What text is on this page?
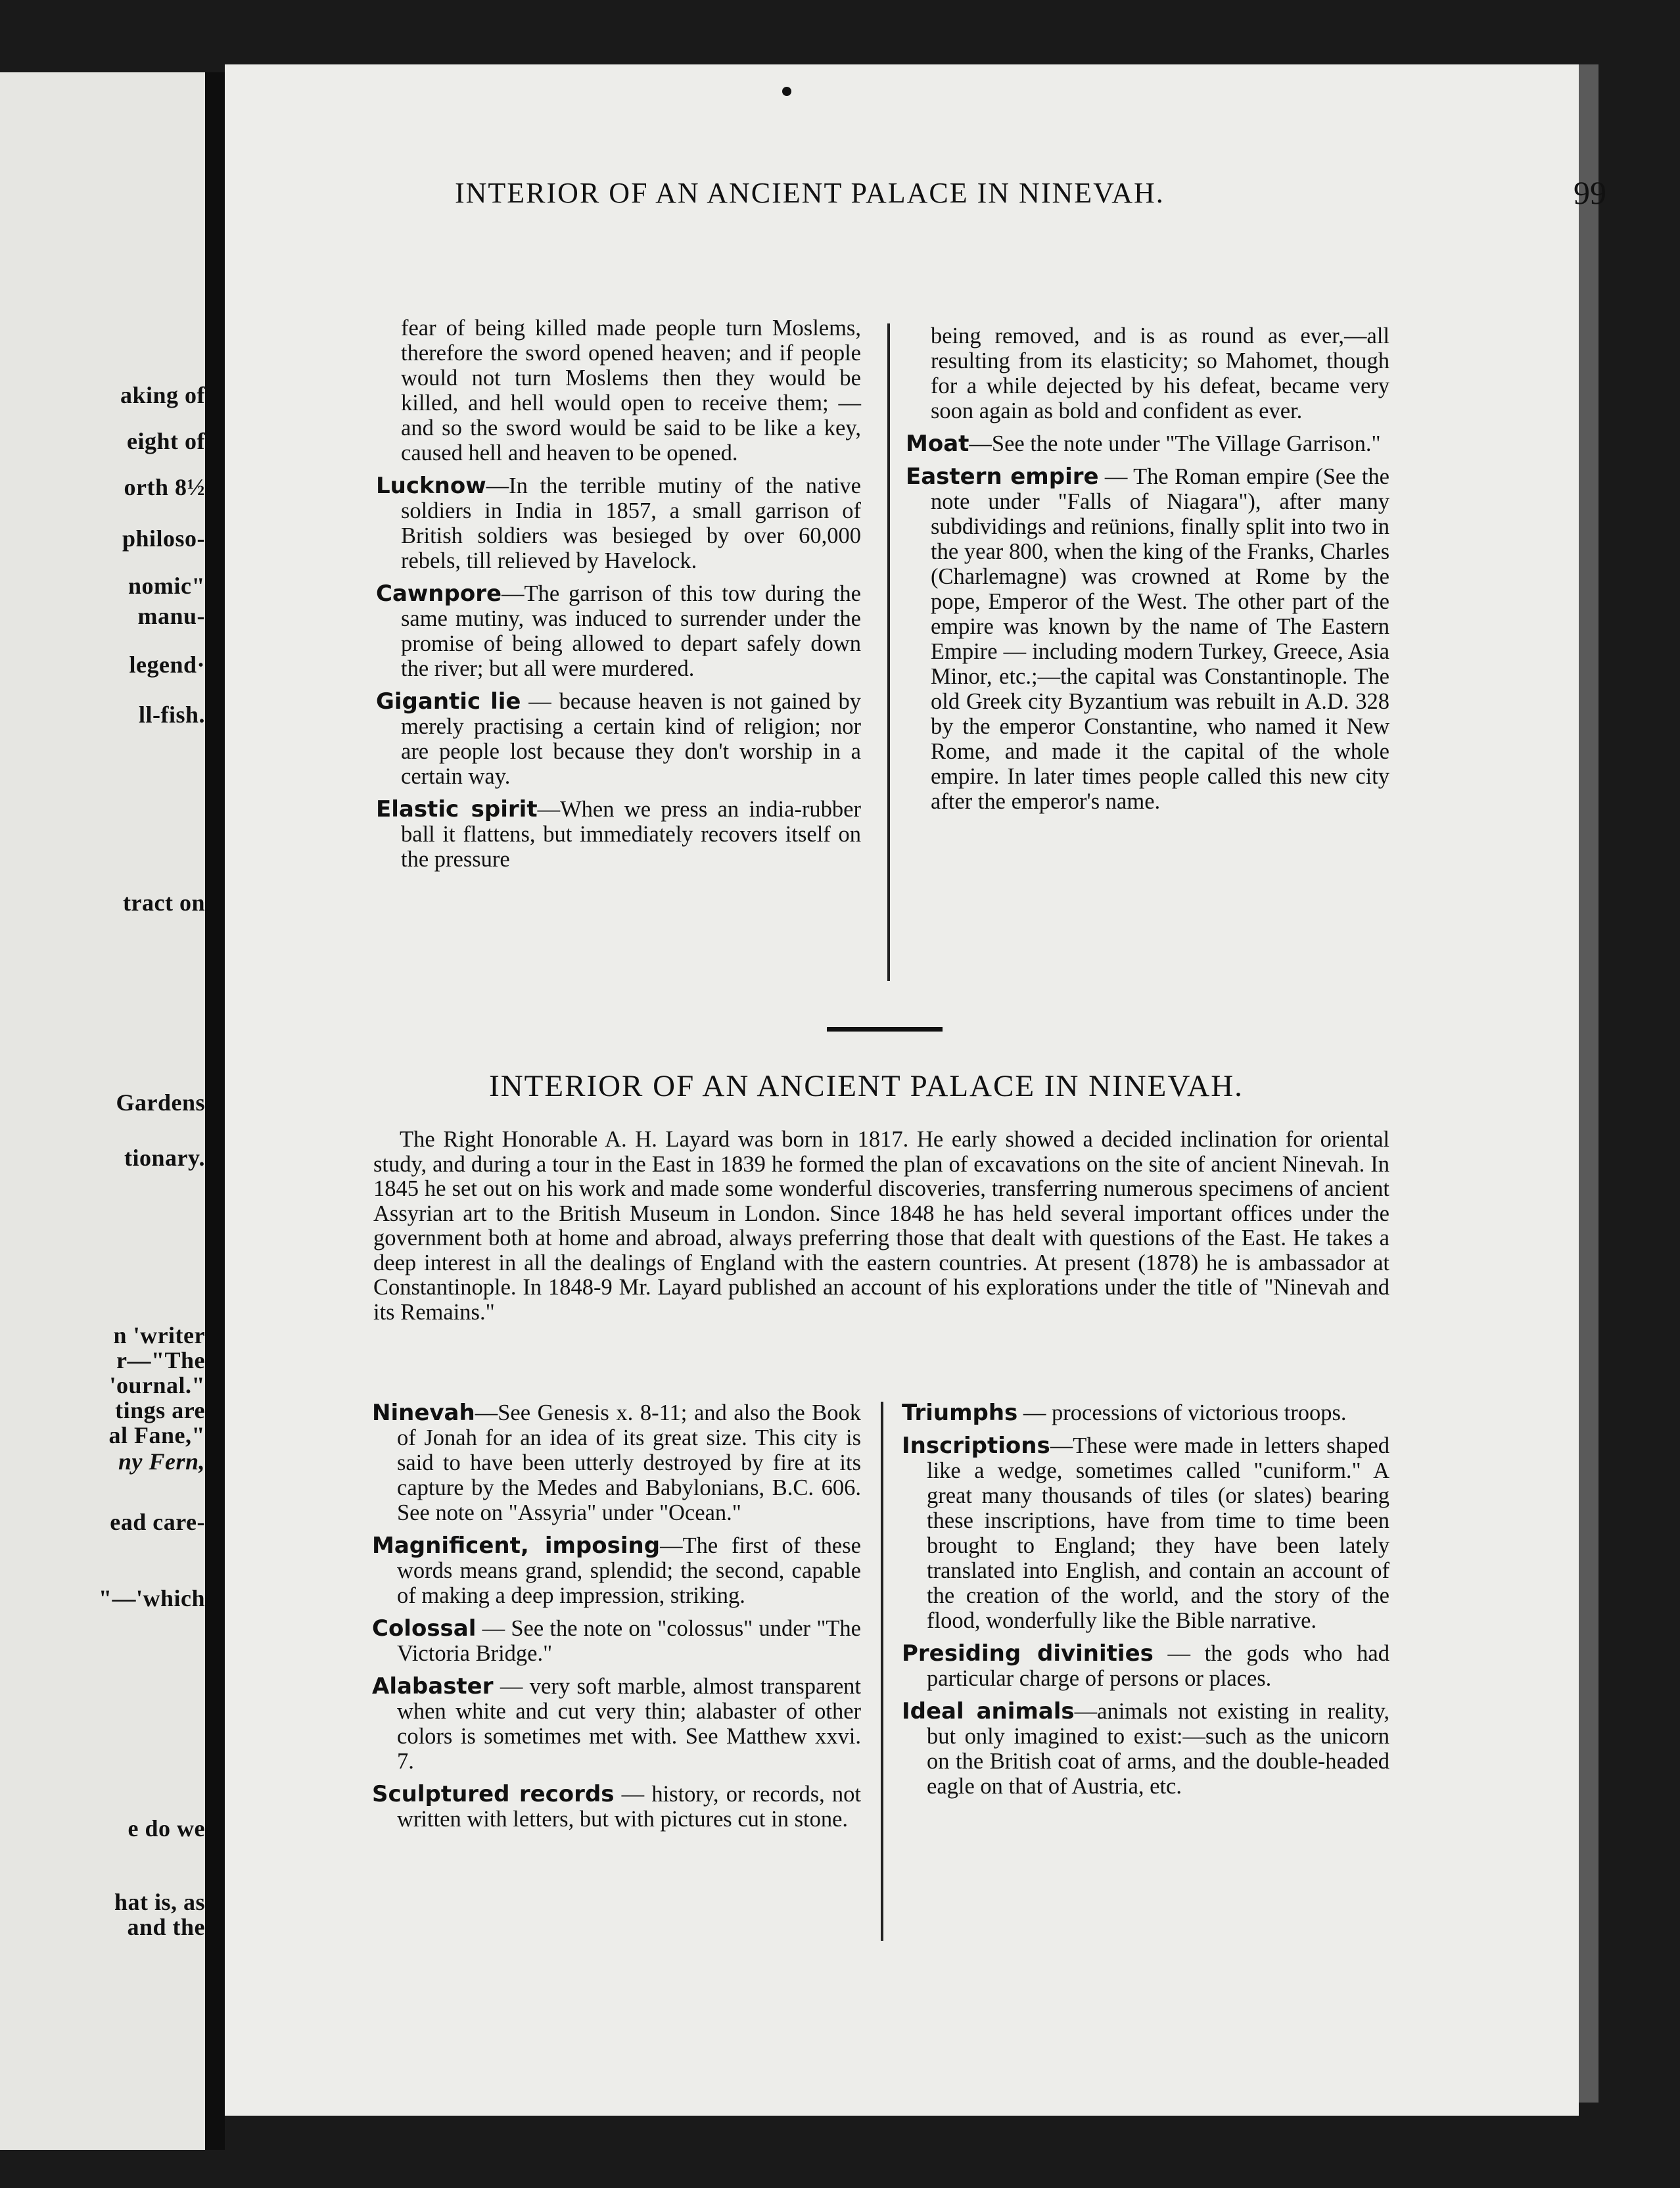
aking of
eight of
orth 8½
philoso-
nomic"
manu-
legend·
ll-fish.
tract on
Gardens
tionary.
n 'writer
r—"The
'ournal."
tings are
al Fane,"
ny Fern,
ead care-
"—'which
e do we
hat is, as
and the
INTERIOR OF AN ANCIENT PALACE IN NINEVAH.	99

fear of being killed made people turn Moslems, therefore the sword opened heaven; and if people would not turn Moslems then they would be killed, and hell would open to receive them; —and so the sword would be said to be like a key, caused hell and heaven to be opened.

Lucknow—In the terrible mutiny of the native soldiers in India in 1857, a small garrison of British soldiers was besieged by over 60,000 rebels, till relieved by Havelock.

Cawnpore—The garrison of this tow during the same mutiny, was induced to surrender under the promise of being allowed to depart safely down the river; but all were murdered.

Gigantic lie — because heaven is not gained by merely practising a certain kind of religion; nor are people lost because they don't worship in a certain way.

Elastic spirit—When we press an india-rubber ball it flattens, but immediately recovers itself on the pressure

being removed, and is as round as ever,—all resulting from its elasticity; so Mahomet, though for a while dejected by his defeat, became very soon again as bold and confident as ever.

Moat—See the note under "The Village Garrison."

Eastern empire — The Roman empire (See the note under "Falls of Niagara"), after many subdividings and reünions, finally split into two in the year 800, when the king of the Franks, Charles (Charlemagne) was crowned at Rome by the pope, Emperor of the West. The other part of the empire was known by the name of The Eastern Empire — including modern Turkey, Greece, Asia Minor, etc.;—the capital was Constantinople. The old Greek city Byzantium was rebuilt in A.D. 328 by the emperor Constantine, who named it New Rome, and made it the capital of the whole empire. In later times people called this new city after the emperor's name.

INTERIOR OF AN ANCIENT PALACE IN NINEVAH.
The Right Honorable A. H. Layard was born in 1817. He early showed a decided inclination for oriental study, and during a tour in the East in 1839 he formed the plan of excavations on the site of ancient Ninevah. In 1845 he set out on his work and made some wonderful discoveries, transferring numerous specimens of ancient Assyrian art to the British Museum in London. Since 1848 he has held several important offices under the government both at home and abroad, always preferring those that dealt with questions of the East. He takes a deep interest in all the dealings of England with the eastern countries. At present (1878) he is ambassador at Constantinople. In 1848-9 Mr. Layard published an account of his explorations under the title of "Ninevah and its Remains."

Ninevah—See Genesis x. 8-11; and also the Book of Jonah for an idea of its great size. This city is said to have been utterly destroyed by fire at its capture by the Medes and Babylonians, B.C. 606. See note on "Assyria" under "Ocean."

Magnificent, imposing—The first of these words means grand, splendid; the second, capable of making a deep impression, striking.

Colossal — See the note on "colossus" under "The Victoria Bridge."

Alabaster — very soft marble, almost transparent when white and cut very thin; alabaster of other colors is sometimes met with. See Matthew xxvi. 7.

Sculptured records — history, or records, not written with letters, but with pictures cut in stone.

Triumphs — processions of victorious troops.

Inscriptions—These were made in letters shaped like a wedge, sometimes called "cuniform." A great many thousands of tiles (or slates) bearing these inscriptions, have from time to time been brought to England; they have been lately translated into English, and contain an account of the creation of the world, and the story of the flood, wonderfully like the Bible narrative.

Presiding divinities — the gods who had particular charge of persons or places.

Ideal animals—animals not existing in reality, but only imagined to exist:—such as the unicorn on the British coat of arms, and the double-headed eagle on that of Austria, etc.
